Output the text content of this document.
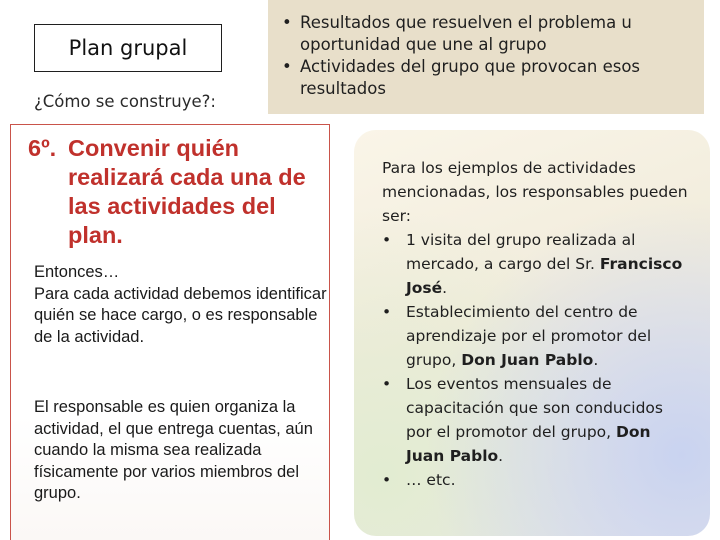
Plan grupal
¿Cómo se construye?:
• Resultados que resuelven el problema u oportunidad que une al grupo
• Actividades del grupo que provocan esos resultados
6º. Convenir quién realizará cada una de las actividades del plan.
Entonces…
Para cada actividad debemos identificar quién se hace cargo, o es responsable de la actividad.
El responsable es quien organiza la actividad, el que entrega cuentas, aún cuando la misma sea realizada físicamente por varios miembros del grupo.

Para los ejemplos de actividades mencionadas, los responsables pueden ser:

• 1 visita del grupo realizada al mercado, a cargo del Sr. Francisco José.
• Establecimiento del centro de aprendizaje por el promotor del grupo, Don Juan Pablo.
• Los eventos mensuales de capacitación que son conducidos por el promotor del grupo, Don Juan Pablo.
• … etc.
